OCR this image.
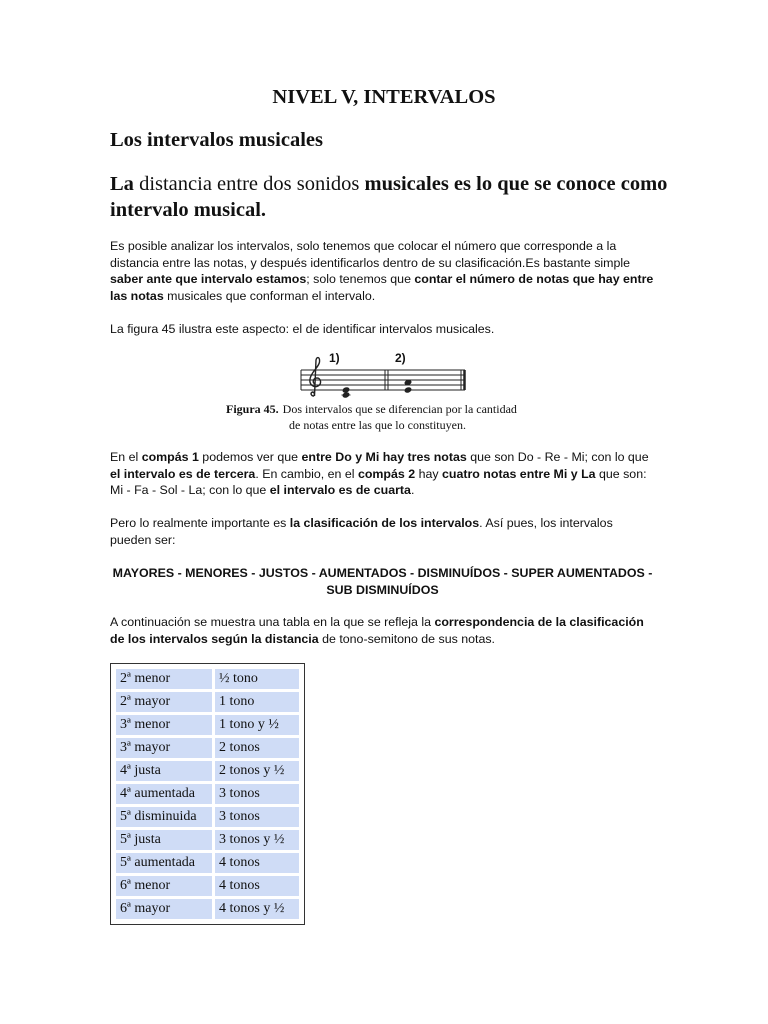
NIVEL V, INTERVALOS
Los intervalos musicales
La distancia entre dos sonidos musicales es lo que se conoce como intervalo musical.
Es posible analizar los intervalos, solo tenemos que colocar el número que corresponde a la distancia entre las notas, y después identificarlos dentro de su clasificación.Es bastante simple saber ante que intervalo estamos; solo tenemos que contar el número de notas que hay entre las notas musicales que conforman el intervalo.
La figura 45 ilustra este aspecto: el de identificar intervalos musicales.
1)	2)
Figura 45. Dos intervalos que se diferencian por la cantidad
de notas entre las que lo constituyen.
En el compás 1 podemos ver que entre Do y Mi hay tres notas que son Do - Re - Mi; con lo que el intervalo es de tercera. En cambio, en el compás 2 hay cuatro notas entre Mi y La que son: Mi - Fa - Sol - La; con lo que el intervalo es de cuarta.
Pero lo realmente importante es la clasificación de los intervalos. Así pues, los intervalos pueden ser:
MAYORES - MENORES - JUSTOS - AUMENTADOS - DISMINUÍDOS - SUPER AUMENTADOS - SUB DISMINUÍDOS
A continuación se muestra una tabla en la que se refleja la correspondencia de la clasificación de los intervalos según la distancia de tono-semitono de sus notas.
2ª menor	½ tono
2ª mayor	1 tono
3ª menor	1 tono y ½
3ª mayor	2 tonos
4ª justa	2 tonos y ½
4ª aumentada	3 tonos
5ª disminuida	3 tonos
5ª justa	3 tonos y ½
5ª aumentada	4 tonos
6ª menor	4 tonos
6ª mayor	4 tonos y ½
